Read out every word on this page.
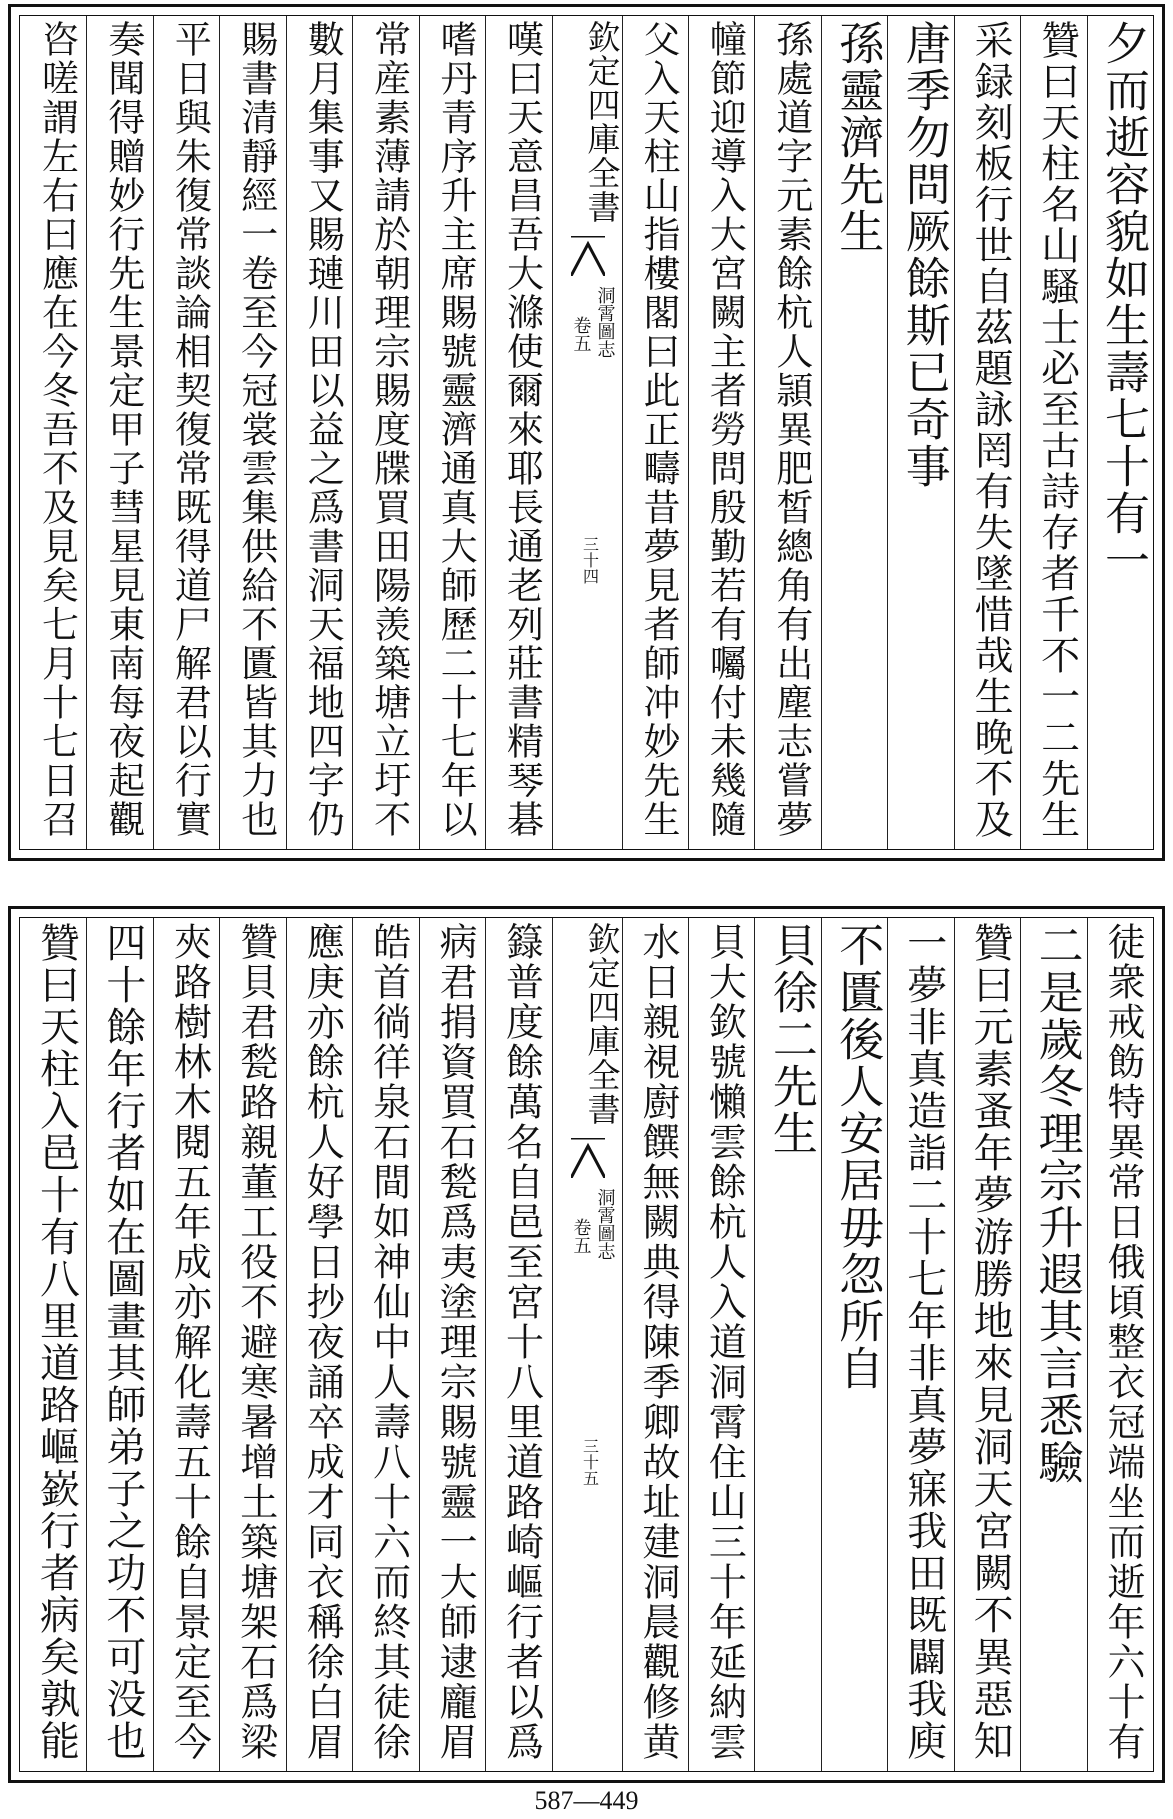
夕而逝容貌如生壽七十有一
贊曰天柱名山騷士必至古詩存者千不一二先生
采録刻板行世自茲題詠罔有失墜惜哉生晚不及
唐季勿問厥餘斯已奇事
孫靈濟先生
孫處道字元素餘杭人頴異肥皙總角有出塵志嘗夢
幢節迎導入大宮闕主者勞問殷勤若有囑付未幾隨
父入天柱山指樓閣曰此正疇昔夢見者師冲妙先生
欽定四庫全書
洞霄圖志
卷五
三十四
嘆曰天意昌吾大滌使爾來耶長通老列莊書精琴碁
嗜丹青序升主席賜號靈濟通真大師歷二十七年以
常産素薄請於朝理宗賜度牒買田陽羡築塘立圩不
數月集事又賜璉川田以益之爲書洞天福地四字仍
賜書清靜經一卷至今冠裳雲集供給不匱皆其力也
平日與朱復常談論相契復常既得道尸解君以行實
奏聞得贈妙行先生景定甲子彗星見東南每夜起觀
咨嗟謂左右曰應在今冬吾不及見矣七月十七日召
徒衆戒飭特異常日俄頃整衣冠端坐而逝年六十有
二是歲冬理宗升遐其言悉驗
贊曰元素蚤年夢游勝地來見洞天宮闕不異惡知
一夢非真造詣二十七年非真夢寐我田既闢我庾
不匱後人安居毋忽所自
貝徐二先生
貝大欽號懶雲餘杭人入道洞霄住山三十年延納雲
水日親視廚饌無闕典得陳季卿故址建洞晨觀修黄
欽定四庫全書
洞霄圖志
卷五
三十五
籙普度餘萬名自邑至宮十八里道路崎嶇行者以爲
病君捐資買石甃爲夷塗理宗賜號靈一大師逮龐眉
皓首徜徉泉石間如神仙中人壽八十六而終其徒徐
應庚亦餘杭人好學日抄夜誦卒成才同衣稱徐白眉
贊貝君甃路親董工役不避寒暑增土築塘架石爲梁
夾路樹林木閱五年成亦解化壽五十餘自景定至今
四十餘年行者如在圖畫其師弟子之功不可没也
贊曰天柱入邑十有八里道路嶇嶔行者病矣孰能
587—449
